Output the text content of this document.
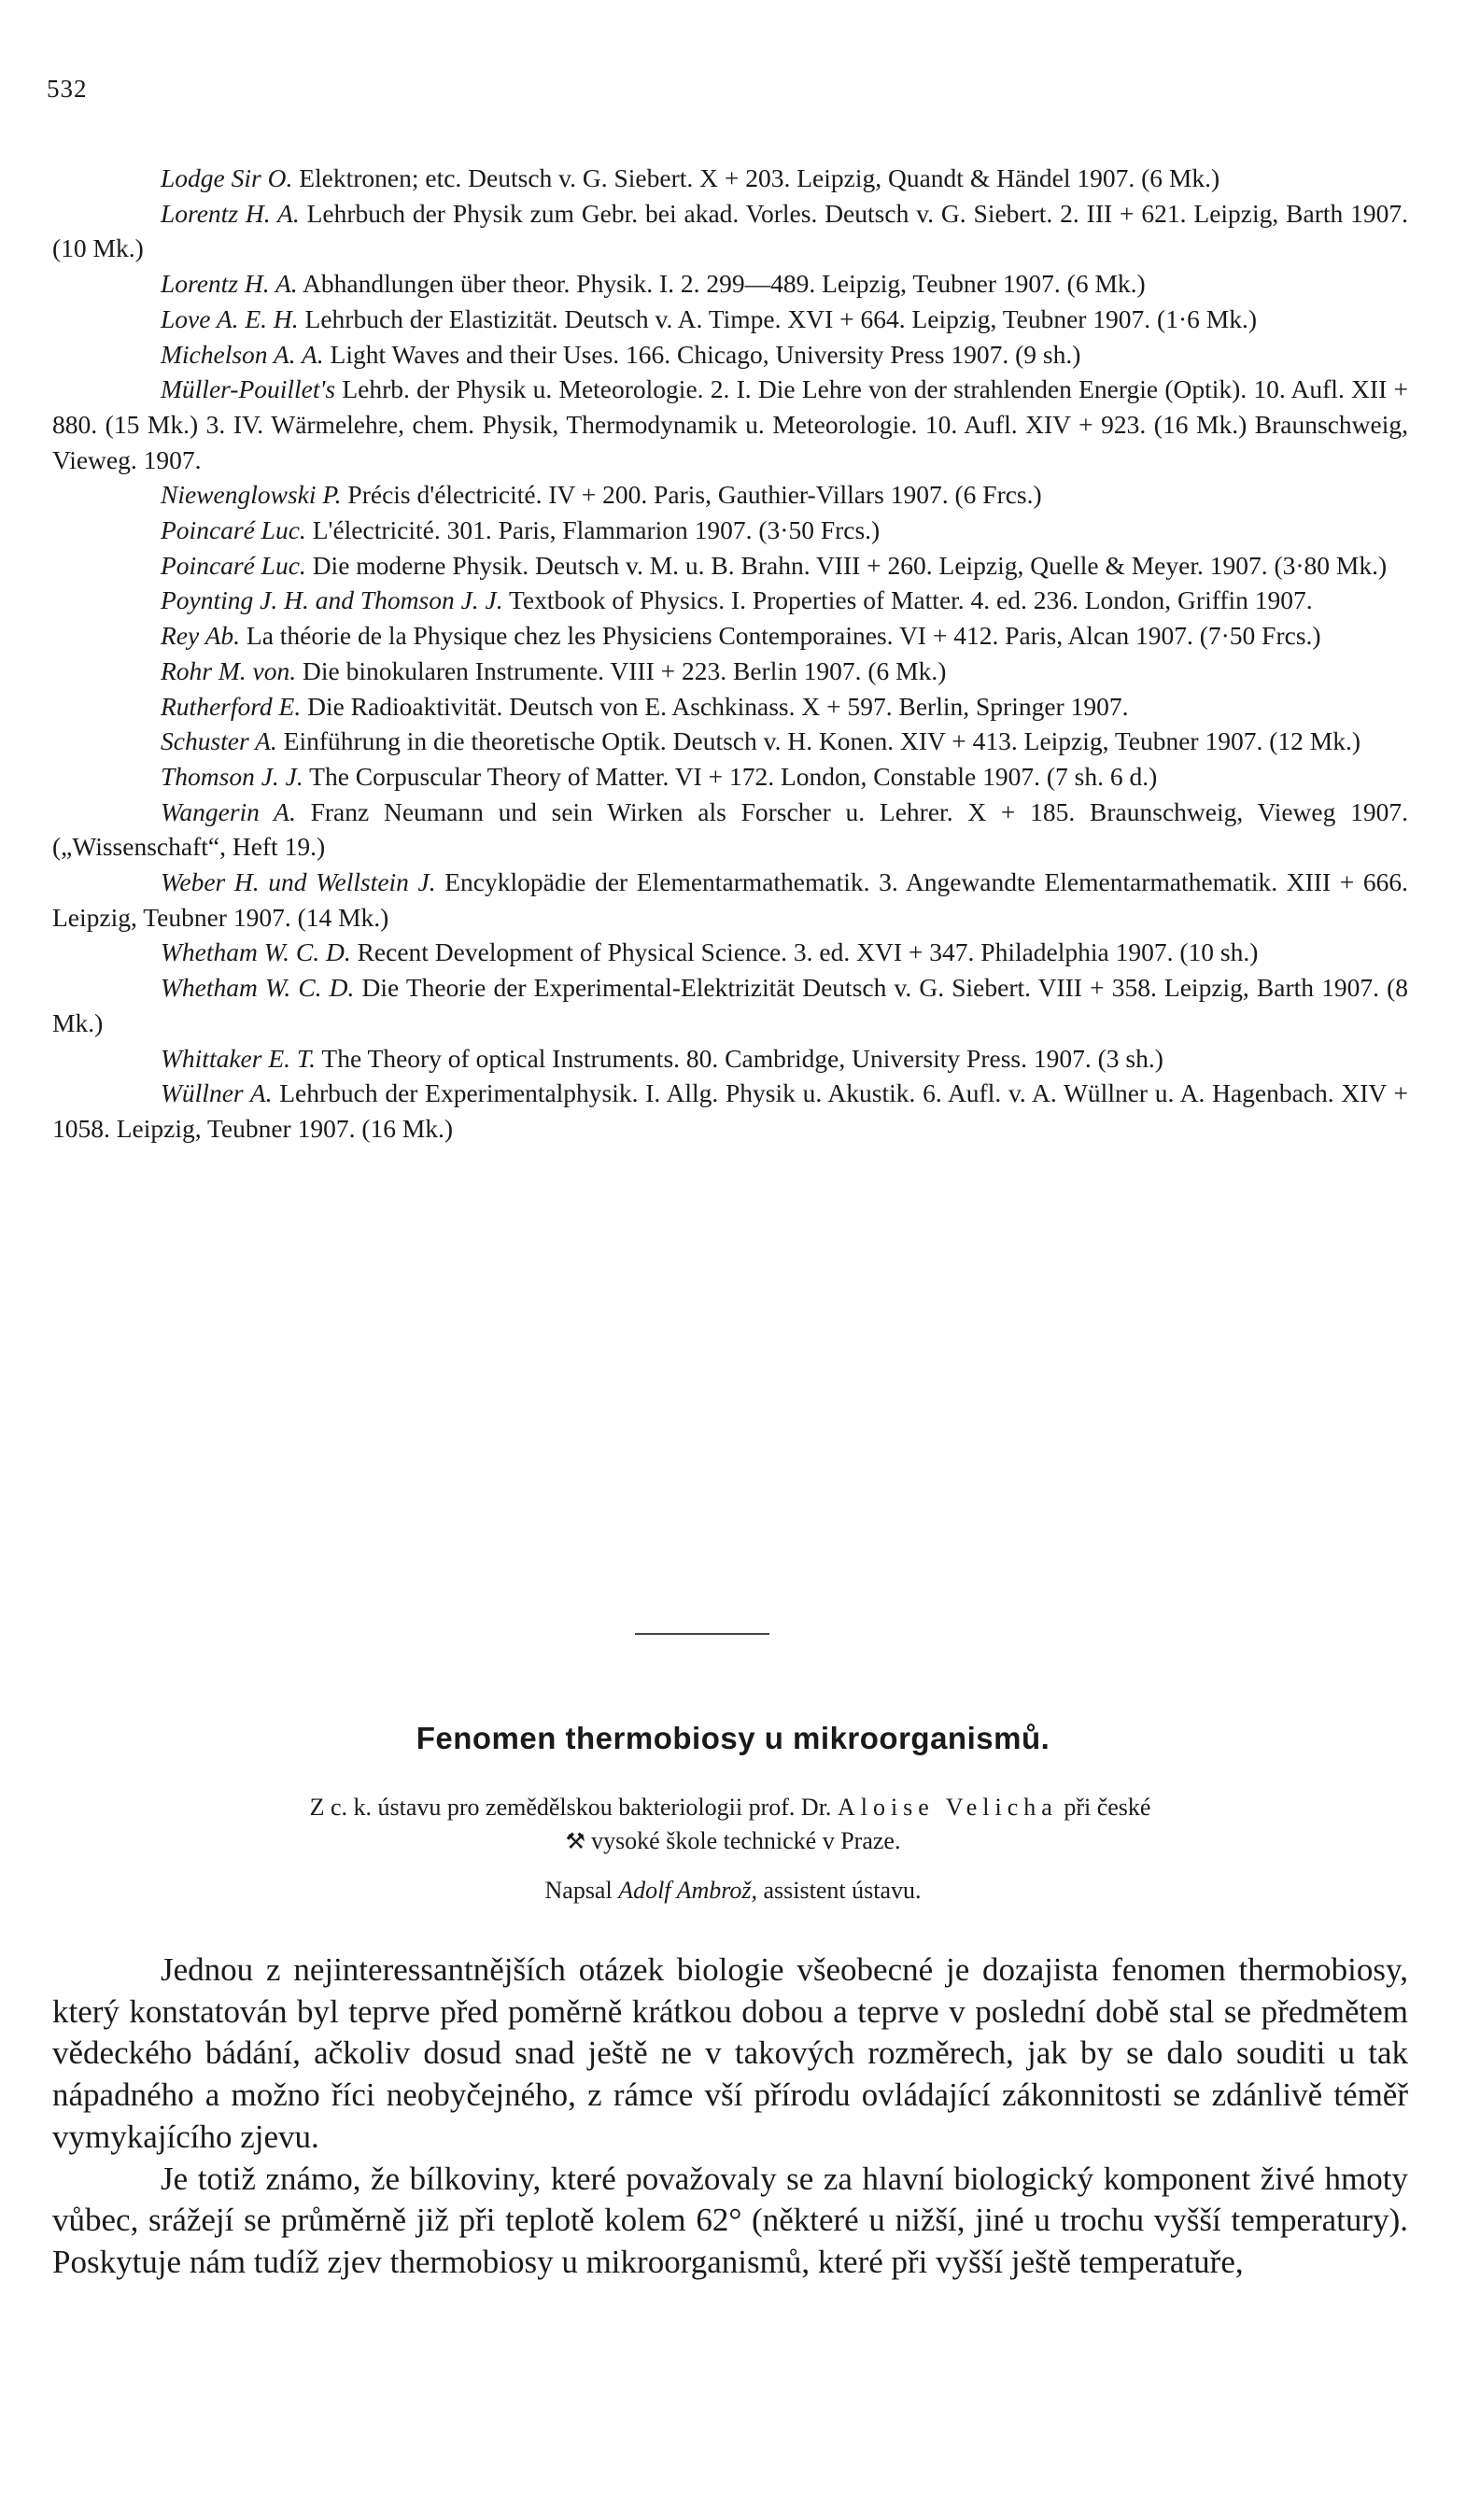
532

Lodge Sir O. Elektronen; etc. Deutsch v. G. Siebert. X + 203. Leipzig, Quandt & Händel 1907. (6 Mk.)

Lorentz H. A. Lehrbuch der Physik zum Gebr. bei akad. Vorles. Deutsch v. G. Siebert. 2. III + 621. Leipzig, Barth 1907. (10 Mk.)

Lorentz H. A. Abhandlungen über theor. Physik. I. 2. 299—489. Leipzig, Teubner 1907. (6 Mk.)

Love A. E. H. Lehrbuch der Elastizität. Deutsch v. A. Timpe. XVI + 664. Leipzig, Teubner 1907. (1·6 Mk.)

Michelson A. A. Light Waves and their Uses. 166. Chicago, University Press 1907. (9 sh.)

Müller-Pouillet's Lehrb. der Physik u. Meteorologie. 2. I. Die Lehre von der strahlenden Energie (Optik). 10. Aufl. XII + 880. (15 Mk.) 3. IV. Wärmelehre, chem. Physik, Thermodynamik u. Meteorologie. 10. Aufl. XIV + 923. (16 Mk.) Braunschweig, Vieweg. 1907.

Niewenglowski P. Précis d'électricité. IV + 200. Paris, Gauthier-Villars 1907. (6 Frcs.)

Poincaré Luc. L'électricité. 301. Paris, Flammarion 1907. (3·50 Frcs.)

Poincaré Luc. Die moderne Physik. Deutsch v. M. u. B. Brahn. VIII + 260. Leipzig, Quelle & Meyer. 1907. (3·80 Mk.)

Poynting J. H. and Thomson J. J. Textbook of Physics. I. Properties of Matter. 4. ed. 236. London, Griffin 1907.

Rey Ab. La théorie de la Physique chez les Physiciens Contemporaines. VI + 412. Paris, Alcan 1907. (7·50 Frcs.)

Rohr M. von. Die binokularen Instrumente. VIII + 223. Berlin 1907. (6 Mk.)

Rutherford E. Die Radioaktivität. Deutsch von E. Aschkinass. X + 597. Berlin, Springer 1907.

Schuster A. Einführung in die theoretische Optik. Deutsch v. H. Konen. XIV + 413. Leipzig, Teubner 1907. (12 Mk.)

Thomson J. J. The Corpuscular Theory of Matter. VI + 172. London, Constable 1907. (7 sh. 6 d.)

Wangerin A. Franz Neumann und sein Wirken als Forscher u. Lehrer. X + 185. Braunschweig, Vieweg 1907. („Wissenschaft“, Heft 19.)

Weber H. und Wellstein J. Encyklopädie der Elementarmathematik. 3. Angewandte Elementarmathematik. XIII + 666. Leipzig, Teubner 1907. (14 Mk.)

Whetham W. C. D. Recent Development of Physical Science. 3. ed. XVI + 347. Philadelphia 1907. (10 sh.)

Whetham W. C. D. Die Theorie der Experimental-Elektrizität Deutsch v. G. Siebert. VIII + 358. Leipzig, Barth 1907. (8 Mk.)

Whittaker E. T. The Theory of optical Instruments. 80. Cambridge, University Press. 1907. (3 sh.)

Wüllner A. Lehrbuch der Experimentalphysik. I. Allg. Physik u. Akustik. 6. Aufl. v. A. Wüllner u. A. Hagenbach. XIV + 1058. Leipzig, Teubner 1907. (16 Mk.)

Fenomen thermobiosy u mikroorganismů.

Z c. k. ústavu pro zemědělskou bakteriologii prof. Dr. Aloise Velicha při české
⚒ vysoké škole technické v Praze.

Napsal Adolf Ambrož, assistent ústavu.

Jednou z nejinteressantnějších otázek biologie všeobecné je dozajista fenomen thermobiosy, který konstatován byl teprve před poměrně krátkou dobou a teprve v poslední době stal se předmětem vědeckého bádání, ačkoliv dosud snad ještě ne v takových rozměrech, jak by se dalo souditi u tak nápadného a možno říci neobyčejného, z rámce vší přírodu ovládající zákonnitosti se zdánlivě téměř vymykajícího zjevu.

Je totiž známo, že bílkoviny, které považovaly se za hlavní biologický komponent živé hmoty vůbec, srážejí se průměrně již při teplotě kolem 62° (některé u nižší, jiné u trochu vyšší temperatury). Poskytuje nám tudíž zjev thermobiosy u mikroorganismů, které při vyšší ještě temperatuře,
